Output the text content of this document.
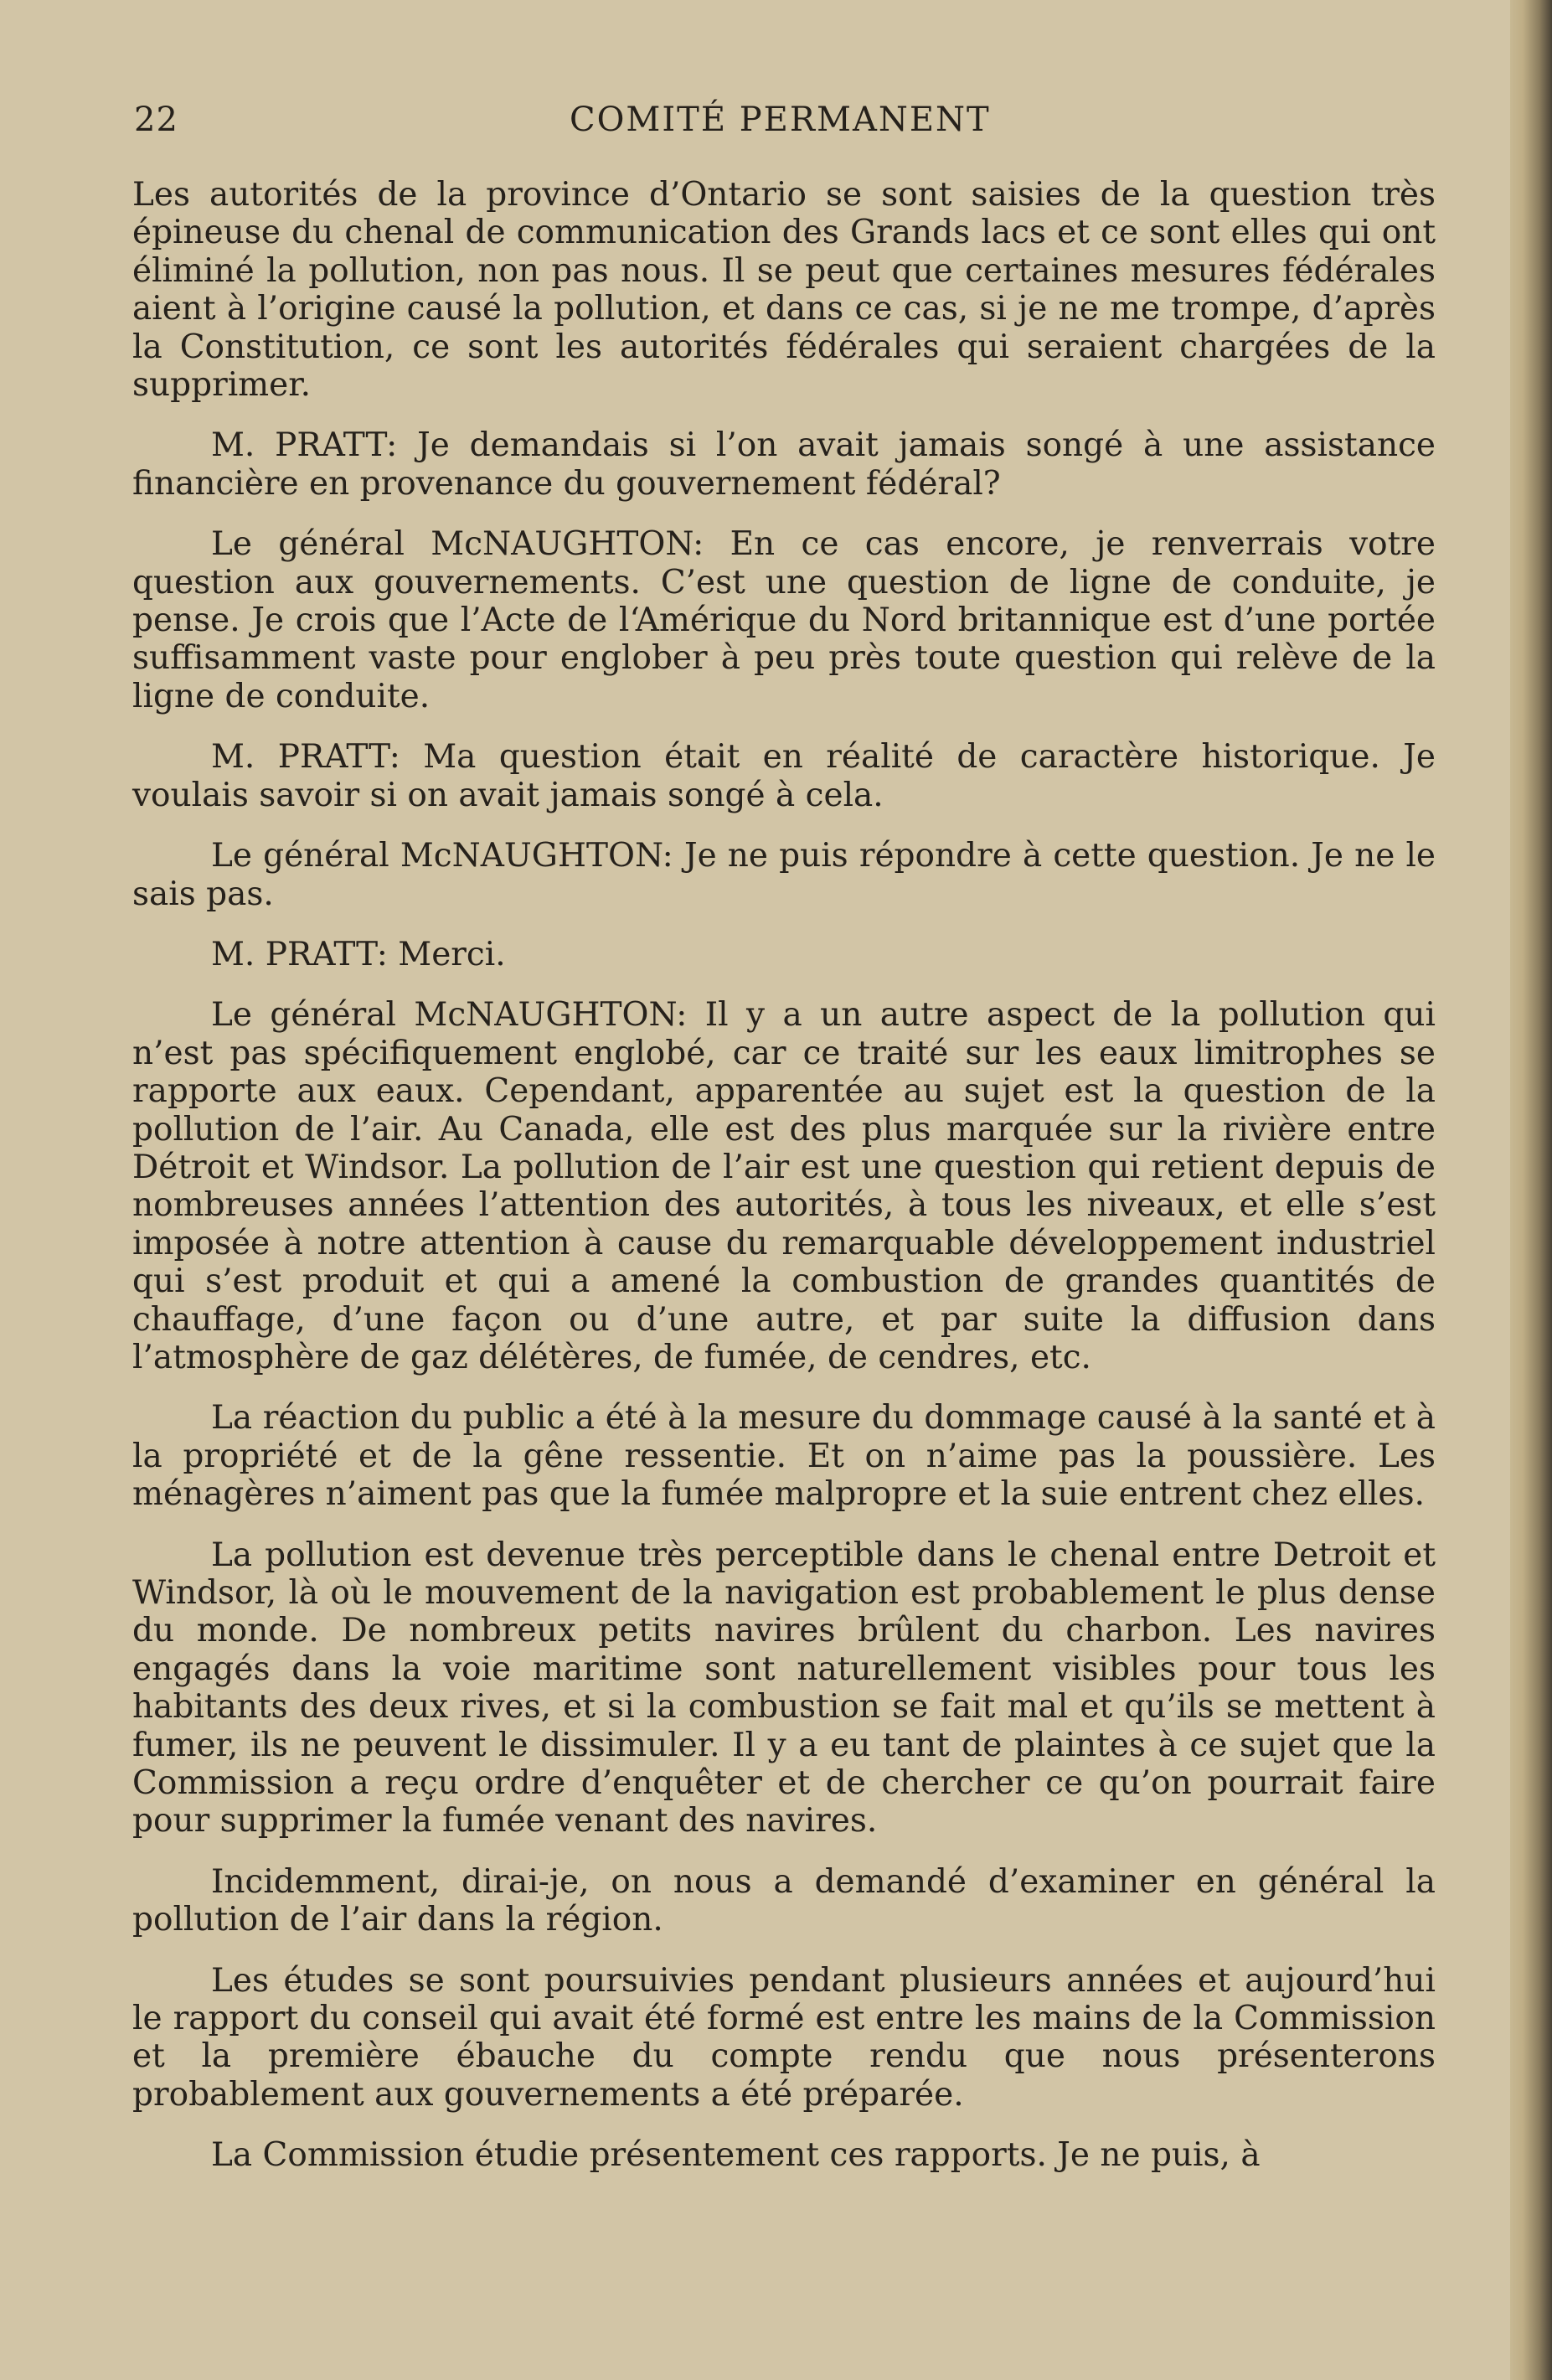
22	COMITÉ PERMANENT

Les autorités de la province d’Ontario se sont saisies de la question très épineuse du chenal de communication des Grands lacs et ce sont elles qui ont éliminé la pollution, non pas nous. Il se peut que certaines mesures fédérales aient à l’origine causé la pollution, et dans ce cas, si je ne me trompe, d’après la Constitution, ce sont les autorités fédérales qui seraient chargées de la supprimer.

M. PRATT: Je demandais si l’on avait jamais songé à une assistance financière en provenance du gouvernement fédéral?

Le général McNAUGHTON: En ce cas encore, je renverrais votre question aux gouvernements. C’est une question de ligne de conduite, je pense. Je crois que l’Acte de l‘Amérique du Nord britannique est d’une portée suffisamment vaste pour englober à peu près toute question qui relève de la ligne de conduite.

M. PRATT: Ma question était en réalité de caractère historique. Je voulais savoir si on avait jamais songé à cela.

Le général McNAUGHTON: Je ne puis répondre à cette question. Je ne le sais pas.

M. PRATT: Merci.

Le général McNAUGHTON: Il y a un autre aspect de la pollution qui n’est pas spécifiquement englobé, car ce traité sur les eaux limitrophes se rapporte aux eaux. Cependant, apparentée au sujet est la question de la pollution de l’air. Au Canada, elle est des plus marquée sur la rivière entre Détroit et Windsor. La pollution de l’air est une question qui retient depuis de nombreuses années l’attention des autorités, à tous les niveaux, et elle s’est imposée à notre attention à cause du remarquable développement industriel qui s’est produit et qui a amené la combustion de grandes quantités de chauffage, d’une façon ou d’une autre, et par suite la diffusion dans l’atmosphère de gaz délétères, de fumée, de cendres, etc.

La réaction du public a été à la mesure du dommage causé à la santé et à la propriété et de la gêne ressentie. Et on n’aime pas la poussière. Les ménagères n’aiment pas que la fumée malpropre et la suie entrent chez elles.

La pollution est devenue très perceptible dans le chenal entre Detroit et Windsor, là où le mouvement de la navigation est probablement le plus dense du monde. De nombreux petits navires brûlent du charbon. Les navires engagés dans la voie maritime sont naturellement visibles pour tous les habitants des deux rives, et si la combustion se fait mal et qu’ils se mettent à fumer, ils ne peuvent le dissimuler. Il y a eu tant de plaintes à ce sujet que la Commission a reçu ordre d’enquêter et de chercher ce qu’on pourrait faire pour supprimer la fumée venant des navires.

Incidemment, dirai-je, on nous a demandé d’examiner en général la pollution de l’air dans la région.

Les études se sont poursuivies pendant plusieurs années et aujourd’hui le rapport du conseil qui avait été formé est entre les mains de la Commission et la première ébauche du compte rendu que nous présenterons probablement aux gouvernements a été préparée.

La Commission étudie présentement ces rapports. Je ne puis, à
